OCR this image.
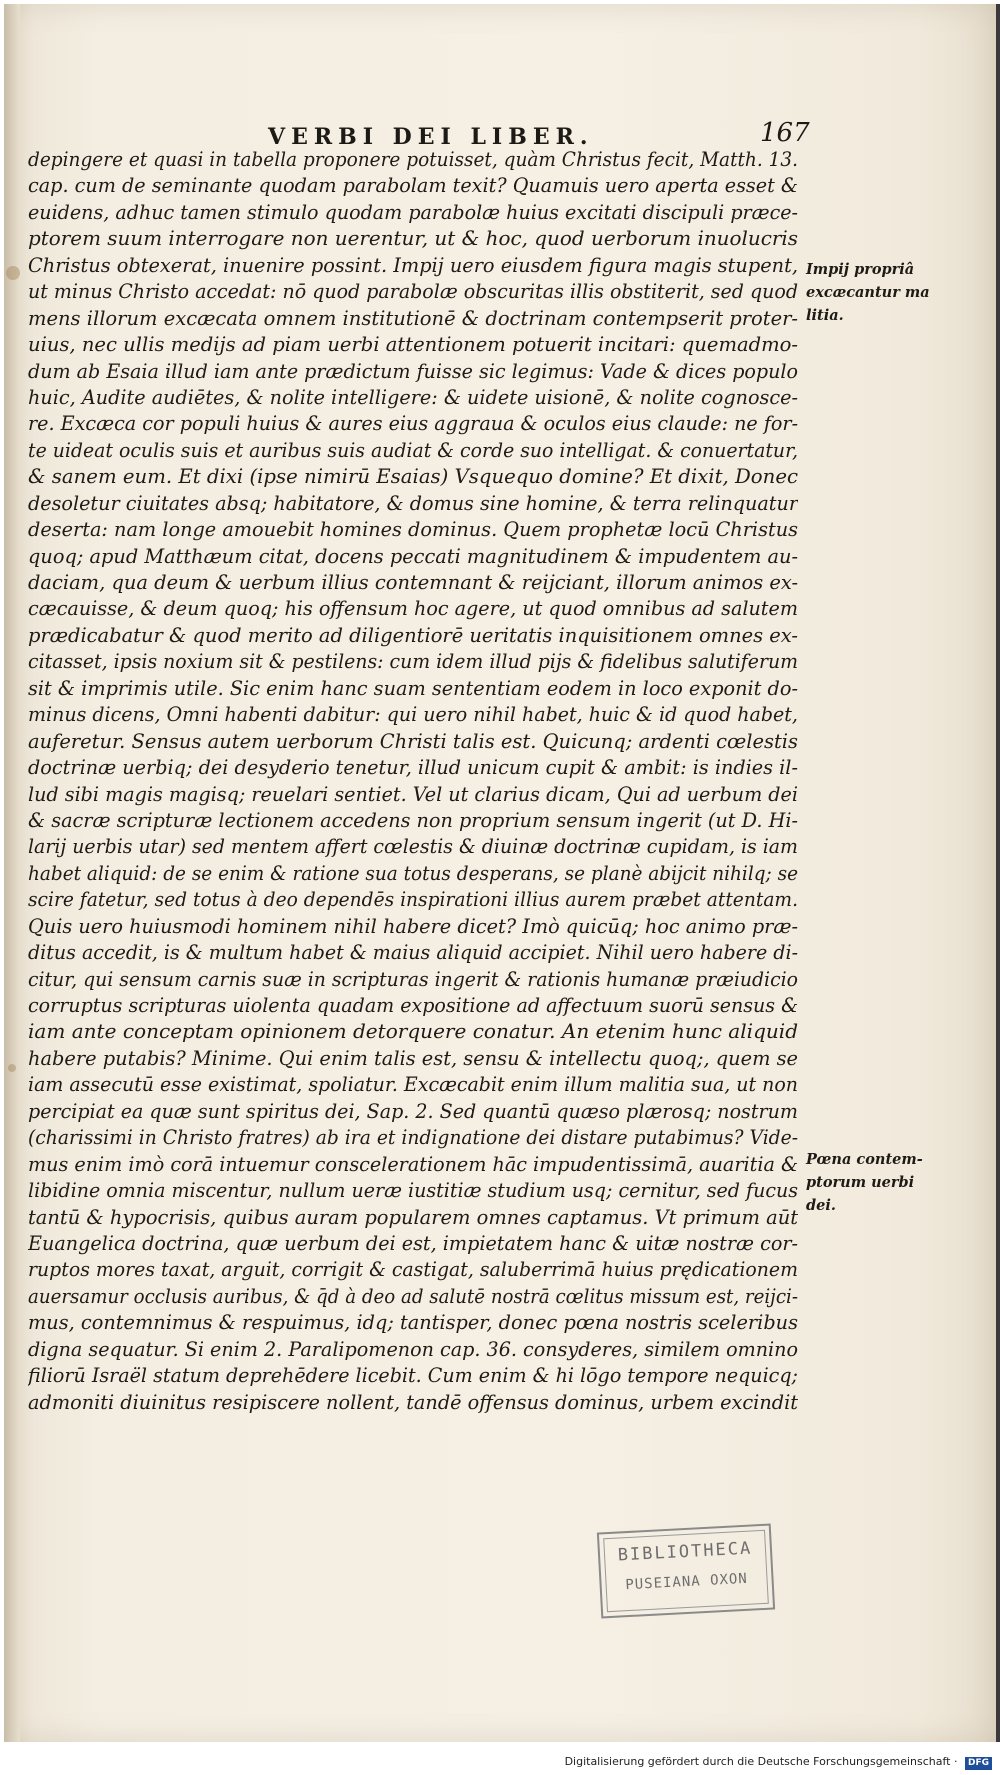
VERBI DEI LIBER.	167
depingere et quasi in tabella proponere potuisset, quàm Christus fecit, Matth. 13.
cap. cum de seminante quodam parabolam texit? Quamuis uero aperta esset &
euidens, adhuc tamen stimulo quodam parabolæ huius excitati discipuli præce-
ptorem suum interrogare non uerentur, ut & hoc, quod uerborum inuolucris
Christus obtexerat, inuenire possint. Impij uero eiusdem figura magis stupent,
ut minus Christo accedat: nō quod parabolæ obscuritas illis obstiterit, sed quod
mens illorum excæcata omnem institutionē & doctrinam contempserit proter-
uius, nec ullis medijs ad piam uerbi attentionem potuerit incitari: quemadmo-
dum ab Esaia illud iam ante prædictum fuisse sic legimus: Vade & dices populo
huic, Audite audiētes, & nolite intelligere: & uidete uisionē, & nolite cognosce-
re. Excæca cor populi huius & aures eius aggraua & oculos eius claude: ne for-
te uideat oculis suis et auribus suis audiat & corde suo intelligat. & conuertatur,
& sanem eum. Et dixi (ipse nimirū Esaias) Vsquequo domine? Et dixit, Donec
desoletur ciuitates absq; habitatore, & domus sine homine, & terra relinquatur
deserta: nam longe amouebit homines dominus. Quem prophetæ locū Christus
quoq; apud Matthæum citat, docens peccati magnitudinem & impudentem au-
daciam, qua deum & uerbum illius contemnant & reijciant, illorum animos ex-
cæcauisse, & deum quoq; his offensum hoc agere, ut quod omnibus ad salutem
prædicabatur & quod merito ad diligentiorē ueritatis inquisitionem omnes ex-
citasset, ipsis noxium sit & pestilens: cum idem illud pijs & fidelibus salutiferum
sit & imprimis utile. Sic enim hanc suam sententiam eodem in loco exponit do-
minus dicens, Omni habenti dabitur: qui uero nihil habet, huic & id quod habet,
auferetur. Sensus autem uerborum Christi talis est. Quicunq; ardenti cœlestis
doctrinæ uerbiq; dei desyderio tenetur, illud unicum cupit & ambit: is indies il-
lud sibi magis magisq; reuelari sentiet. Vel ut clarius dicam, Qui ad uerbum dei
& sacræ scripturæ lectionem accedens non proprium sensum ingerit (ut D. Hi-
larij uerbis utar) sed mentem affert cœlestis & diuinæ doctrinæ cupidam, is iam
habet aliquid: de se enim & ratione sua totus desperans, se planè abijcit nihilq; se
scire fatetur, sed totus à deo dependēs inspirationi illius aurem præbet attentam.
Quis uero huiusmodi hominem nihil habere dicet? Imò quicūq; hoc animo præ-
ditus accedit, is & multum habet & maius aliquid accipiet. Nihil uero habere di-
citur, qui sensum carnis suæ in scripturas ingerit & rationis humanæ præiudicio
corruptus scripturas uiolenta quadam expositione ad affectuum suorū sensus &
iam ante conceptam opinionem detorquere conatur. An etenim hunc aliquid
habere putabis? Minime. Qui enim talis est, sensu & intellectu quoq;, quem se
iam assecutū esse existimat, spoliatur. Excæcabit enim illum malitia sua, ut non
percipiat ea quæ sunt spiritus dei, Sap. 2. Sed quantū quæso plærosq; nostrum
(charissimi in Christo fratres) ab ira et indignatione dei distare putabimus? Vide-
mus enim imò corā intuemur conscelerationem hāc impudentissimā, auaritia &
libidine omnia miscentur, nullum ueræ iustitiæ studium usq; cernitur, sed fucus
tantū & hypocrisis, quibus auram popularem omnes captamus. Vt primum aūt
Euangelica doctrina, quæ uerbum dei est, impietatem hanc & uitæ nostræ cor-
ruptos mores taxat, arguit, corrigit & castigat, saluberrimā huius prędicationem
auersamur occlusis auribus, & q̄d à deo ad salutē nostrā cœlitus missum est, reijci-
mus, contemnimus & respuimus, idq; tantisper, donec pœna nostris sceleribus
digna sequatur. Si enim 2. Paralipomenon cap. 36. consyderes, similem omnino
filiorū Israël statum deprehēdere licebit. Cum enim & hi lōgo tempore nequicq;
admoniti diuinitus resipiscere nollent, tandē offensus dominus, urbem excindit
Impij propriâ
excæcantur ma
litia.
Pœna contem-
ptorum uerbi
dei.
BIBLIOTHECA
PUSEIANA OXON
Digitalisierung gefördert durch die Deutsche Forschungsgemeinschaft · DFG
